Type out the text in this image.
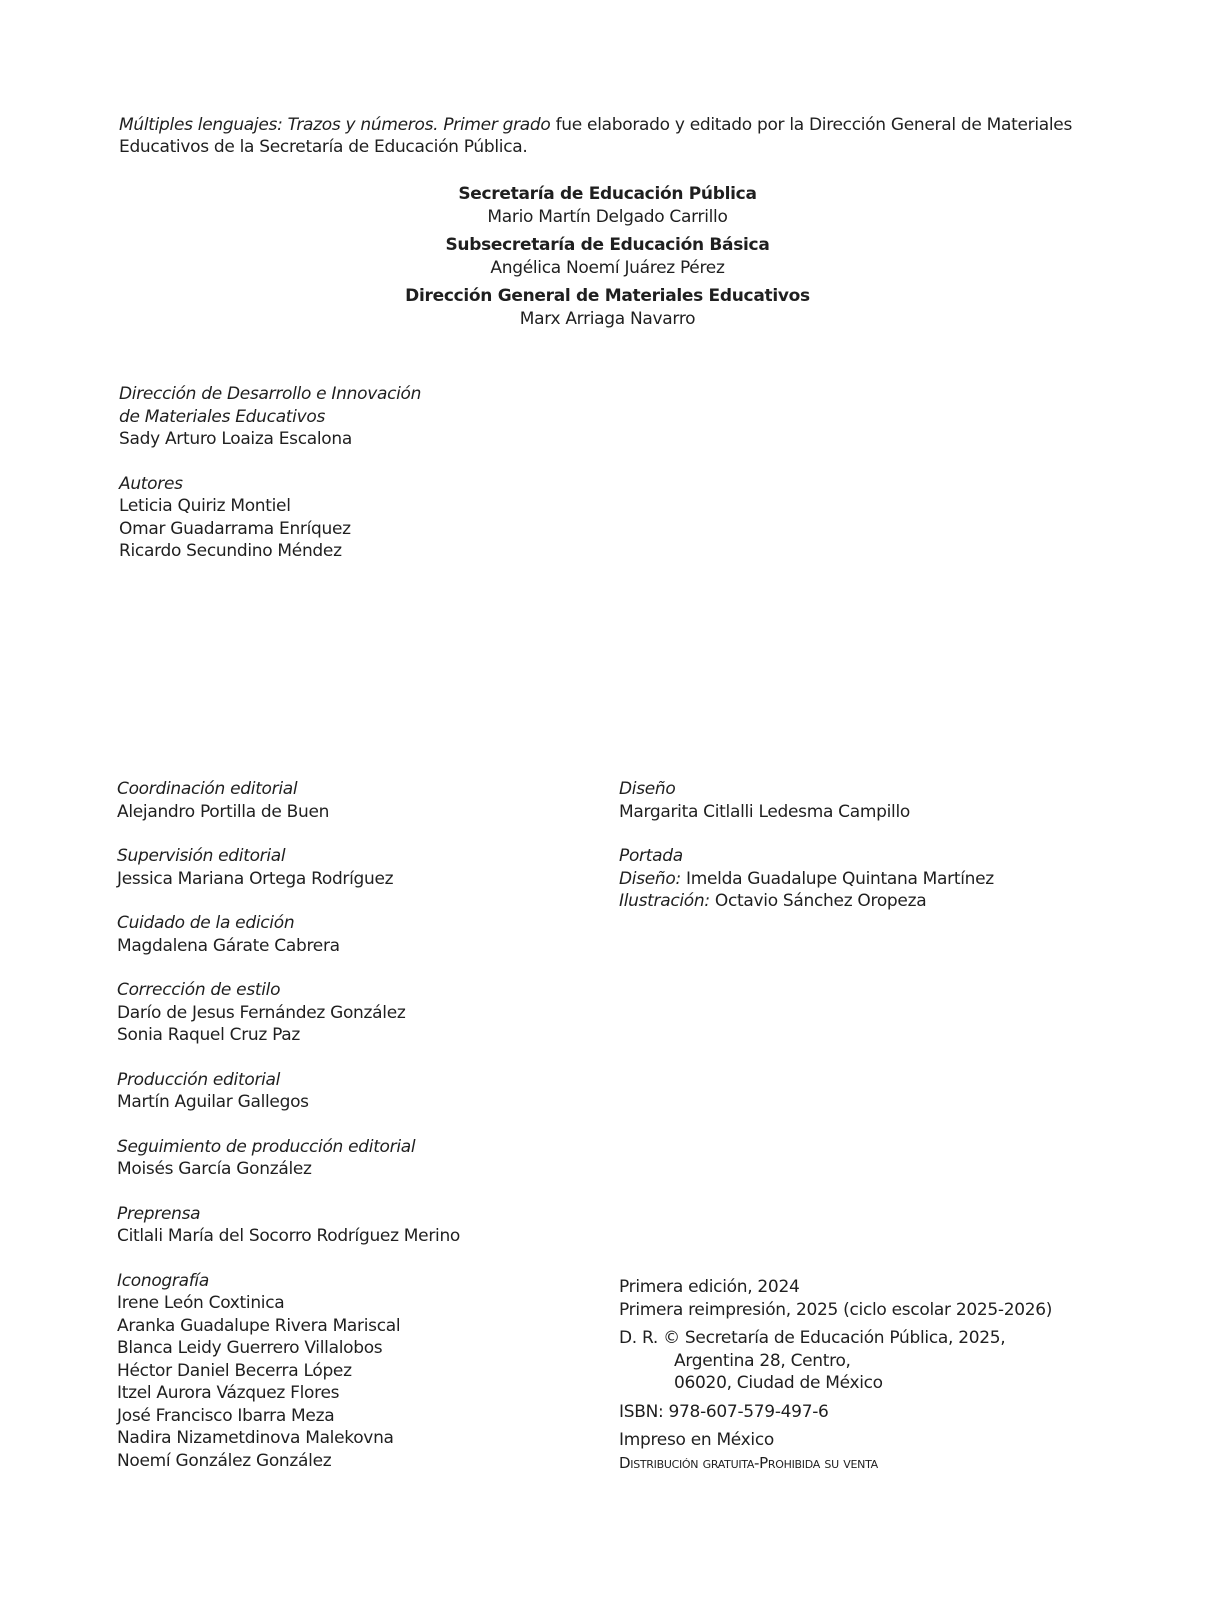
Múltiples lenguajes: Trazos y números. Primer grado fue elaborado y editado por la Dirección General de Materiales Educativos de la Secretaría de Educación Pública.
Secretaría de Educación Pública
Mario Martín Delgado Carrillo
Subsecretaría de Educación Básica
Angélica Noemí Juárez Pérez
Dirección General de Materiales Educativos
Marx Arriaga Navarro
Dirección de Desarrollo e Innovación
de Materiales Educativos
Sady Arturo Loaiza Escalona
Autores
Leticia Quiriz Montiel
Omar Guadarrama Enríquez
Ricardo Secundino Méndez
Coordinación editorial
Alejandro Portilla de Buen
Supervisión editorial
Jessica Mariana Ortega Rodríguez
Cuidado de la edición
Magdalena Gárate Cabrera
Corrección de estilo
Darío de Jesus Fernández González
Sonia Raquel Cruz Paz
Producción editorial
Martín Aguilar Gallegos
Seguimiento de producción editorial
Moisés García González
Preprensa
Citlali María del Socorro Rodríguez Merino
Iconografía
Irene León Coxtinica
Aranka Guadalupe Rivera Mariscal
Blanca Leidy Guerrero Villalobos
Héctor Daniel Becerra López
Itzel Aurora Vázquez Flores
José Francisco Ibarra Meza
Nadira Nizametdinova Malekovna
Noemí González González
Diseño
Margarita Citlalli Ledesma Campillo
Portada
Diseño: Imelda Guadalupe Quintana Martínez
Ilustración: Octavio Sánchez Oropeza
Primera edición, 2024
Primera reimpresión, 2025 (ciclo escolar 2025-2026)
D. R. © Secretaría de Educación Pública, 2025,
Argentina 28, Centro,
06020, Ciudad de México
ISBN: 978-607-579-497-6
Impreso en México
Distribución gratuita-Prohibida su venta
